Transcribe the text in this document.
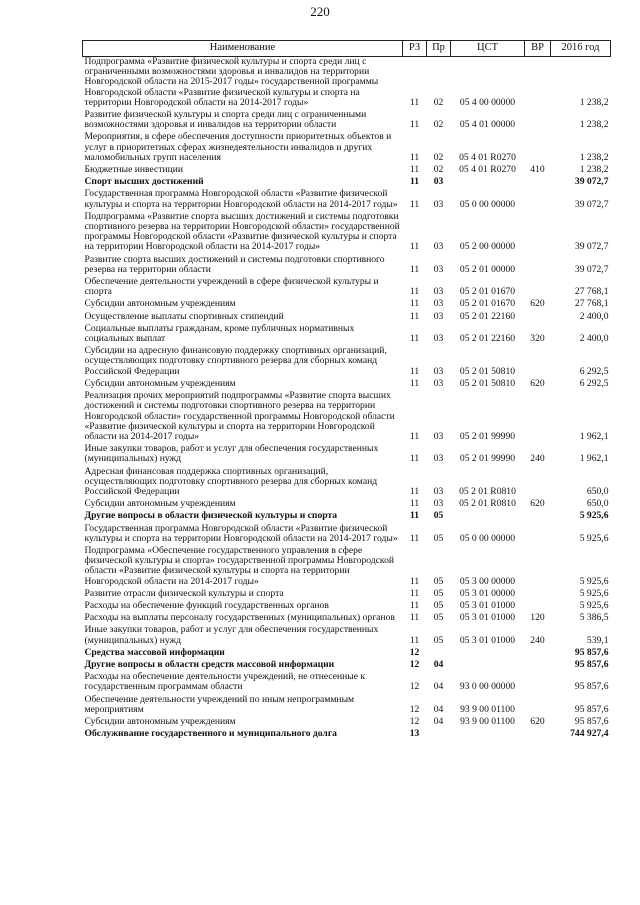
220
Наименование	РЗ	Пр	ЦСТ	ВР	2016 год
Подпрограмма «Развитие физической культуры и спорта среди лиц с ограниченными возможностями здоровья и инвалидов на территории Новгородской области на 2015-2017 годы» государственной программы Новгородской области «Развитие физической культуры и спорта на территории Новгородской области на 2014-2017 годы»	11	02	05 4 00 00000		1 238,2
Развитие физической культуры и спорта среди лиц с ограниченными возможностями здоровья и инвалидов на территории области	11	02	05 4 01 00000		1 238,2
Мероприятия, в сфере обеспечения доступности приоритетных объектов и услуг в приоритетных сферах жизнедеятельности инвалидов и других маломобильных групп населения	11	02	05 4 01 R0270		1 238,2
Бюджетные инвестиции	11	02	05 4 01 R0270	410	1 238,2
Спорт высших достижений	11	03			39 072,7
Государственная программа Новгородской области «Развитие физической культуры и спорта на территории Новгородской области на 2014-2017 годы»	11	03	05 0 00 00000		39 072,7
Подпрограмма «Развитие спорта высших достижений и системы подготовки спортивного резерва на территории Новгородской области» государственной программы Новгородской области «Развитие физической культуры и спорта на территории Новгородской области на 2014-2017 годы»	11	03	05 2 00 00000		39 072,7
Развитие спорта высших достижений и системы подготовки спортивного резерва на территории области	11	03	05 2 01 00000		39 072,7
Обеспечение деятельности учреждений в сфере физической культуры и спорта	11	03	05 2 01 01670		27 768,1
Субсидии автономным учреждениям	11	03	05 2 01 01670	620	27 768,1
Осуществление выплаты спортивных стипендий	11	03	05 2 01 22160		2 400,0
Социальные выплаты гражданам, кроме публичных нормативных социальных выплат	11	03	05 2 01 22160	320	2 400,0
Субсидии на адресную финансовую поддержку спортивных организаций, осуществляющих подготовку спортивного резерва для сборных команд Российской Федерации	11	03	05 2 01 50810		6 292,5
Субсидии автономным учреждениям	11	03	05 2 01 50810	620	6 292,5
Реализация прочих мероприятий подпрограммы «Развитие спорта высших достижений и системы подготовки спортивного резерва на территории Новгородской области» государственной программы Новгородской области «Развитие физической культуры и спорта на территории Новгородской области на 2014-2017 годы»	11	03	05 2 01 99990		1 962,1
Иные закупки товаров, работ и услуг для обеспечения государственных (муниципальных) нужд	11	03	05 2 01 99990	240	1 962,1
Адресная финансовая поддержка спортивных организаций, осуществляющих подготовку спортивного резерва для сборных команд Российской Федерации	11	03	05 2 01 R0810		650,0
Субсидии автономным учреждениям	11	03	05 2 01 R0810	620	650,0
Другие вопросы в области физической культуры и спорта	11	05			5 925,6
Государственная программа Новгородской области «Развитие физической культуры и спорта на территории Новгородской области на 2014-2017 годы»	11	05	05 0 00 00000		5 925,6
Подпрограмма «Обеспечение государственного управления в сфере физической культуры и спорта» государственной программы Новгородской области «Развитие физической культуры и спорта на территории Новгородской области на 2014-2017 годы»	11	05	05 3 00 00000		5 925,6
Развитие отрасли физической культуры и спорта	11	05	05 3 01 00000		5 925,6
Расходы на обеспечение функций государственных органов	11	05	05 3 01 01000		5 925,6
Расходы на выплаты персоналу государственных (муниципальных) органов	11	05	05 3 01 01000	120	5 386,5
Иные закупки товаров, работ и услуг для обеспечения государственных (муниципальных) нужд	11	05	05 3 01 01000	240	539,1
Средства массовой информации	12				95 857,6
Другие вопросы в области средств массовой информации	12	04			95 857,6
Расходы на обеспечение деятельности учреждений, не отнесенные к государственным программам области	12	04	93 0 00 00000		95 857,6
Обеспечение деятельности учреждений по иным непрограммным мероприятиям	12	04	93 9 00 01100		95 857,6
Субсидии автономным учреждениям	12	04	93 9 00 01100	620	95 857,6
Обслуживание государственного и муниципального долга	13				744 927,4
